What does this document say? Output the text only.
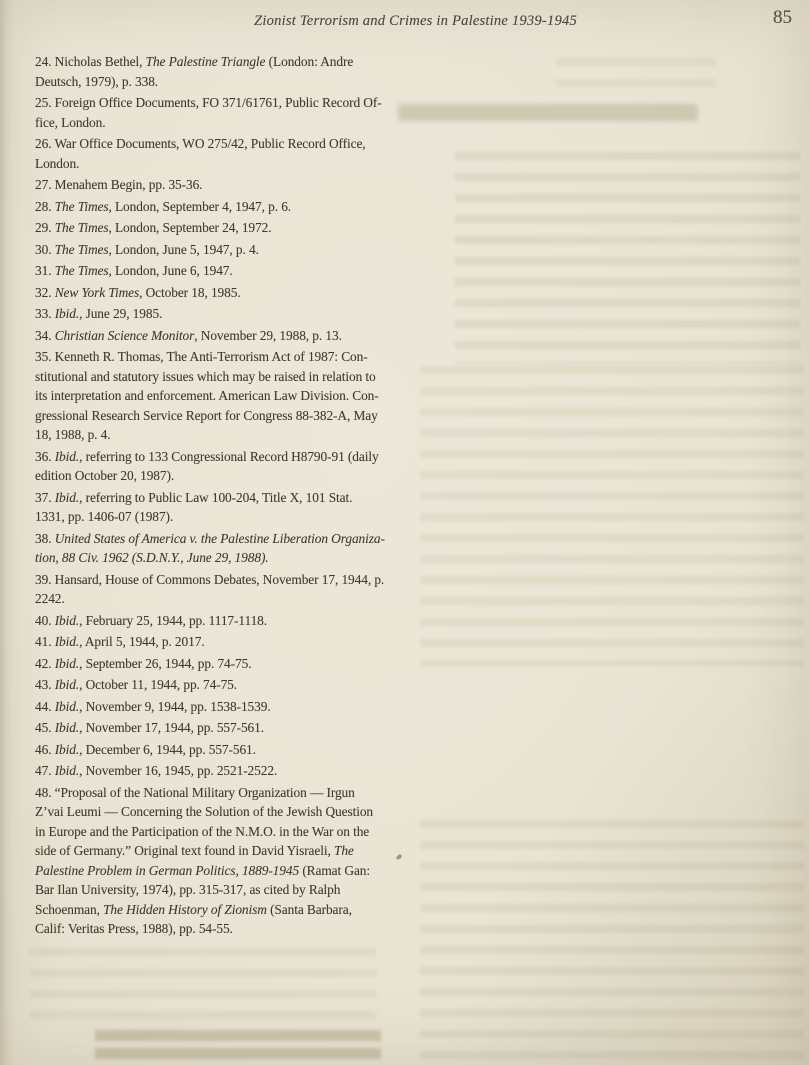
Zionist Terrorism and Crimes in Palestine 1939-1945	85
24. Nicholas Bethel, The Palestine Triangle (London: Andre
Deutsch, 1979), p. 338.
25. Foreign Office Documents, FO 371/61761, Public Record Of-
fice, London.
26. War Office Documents, WO 275/42, Public Record Office,
London.
27. Menahem Begin, pp. 35-36.
28. The Times, London, September 4, 1947, p. 6.
29. The Times, London, September 24, 1972.
30. The Times, London, June 5, 1947, p. 4.
31. The Times, London, June 6, 1947.
32. New York Times, October 18, 1985.
33. Ibid., June 29, 1985.
34. Christian Science Monitor, November 29, 1988, p. 13.
35. Kenneth R. Thomas, The Anti-Terrorism Act of 1987: Con-
stitutional and statutory issues which may be raised in relation to
its interpretation and enforcement. American Law Division. Con-
gressional Research Service Report for Congress 88-382-A, May
18, 1988, p. 4.
36. Ibid., referring to 133 Congressional Record H8790-91 (daily
edition October 20, 1987).
37. Ibid., referring to Public Law 100-204, Title X, 101 Stat.
1331, pp. 1406-07 (1987).
38. United States of America v. the Palestine Liberation Organiza-
tion, 88 Civ. 1962 (S.D.N.Y., June 29, 1988).
39. Hansard, House of Commons Debates, November 17, 1944, p.
2242.
40. Ibid., February 25, 1944, pp. 1117-1118.
41. Ibid., April 5, 1944, p. 2017.
42. Ibid., September 26, 1944, pp. 74-75.
43. Ibid., October 11, 1944, pp. 74-75.
44. Ibid., November 9, 1944, pp. 1538-1539.
45. Ibid., November 17, 1944, pp. 557-561.
46. Ibid., December 6, 1944, pp. 557-561.
47. Ibid., November 16, 1945, pp. 2521-2522.
48. “Proposal of the National Military Organization — Irgun
Z’vai Leumi — Concerning the Solution of the Jewish Question
in Europe and the Participation of the N.M.O. in the War on the
side of Germany.” Original text found in David Yisraeli, The
Palestine Problem in German Politics, 1889-1945 (Ramat Gan:
Bar Ilan University, 1974), pp. 315-317, as cited by Ralph
Schoenman, The Hidden History of Zionism (Santa Barbara,
Calif: Veritas Press, 1988), pp. 54-55.
